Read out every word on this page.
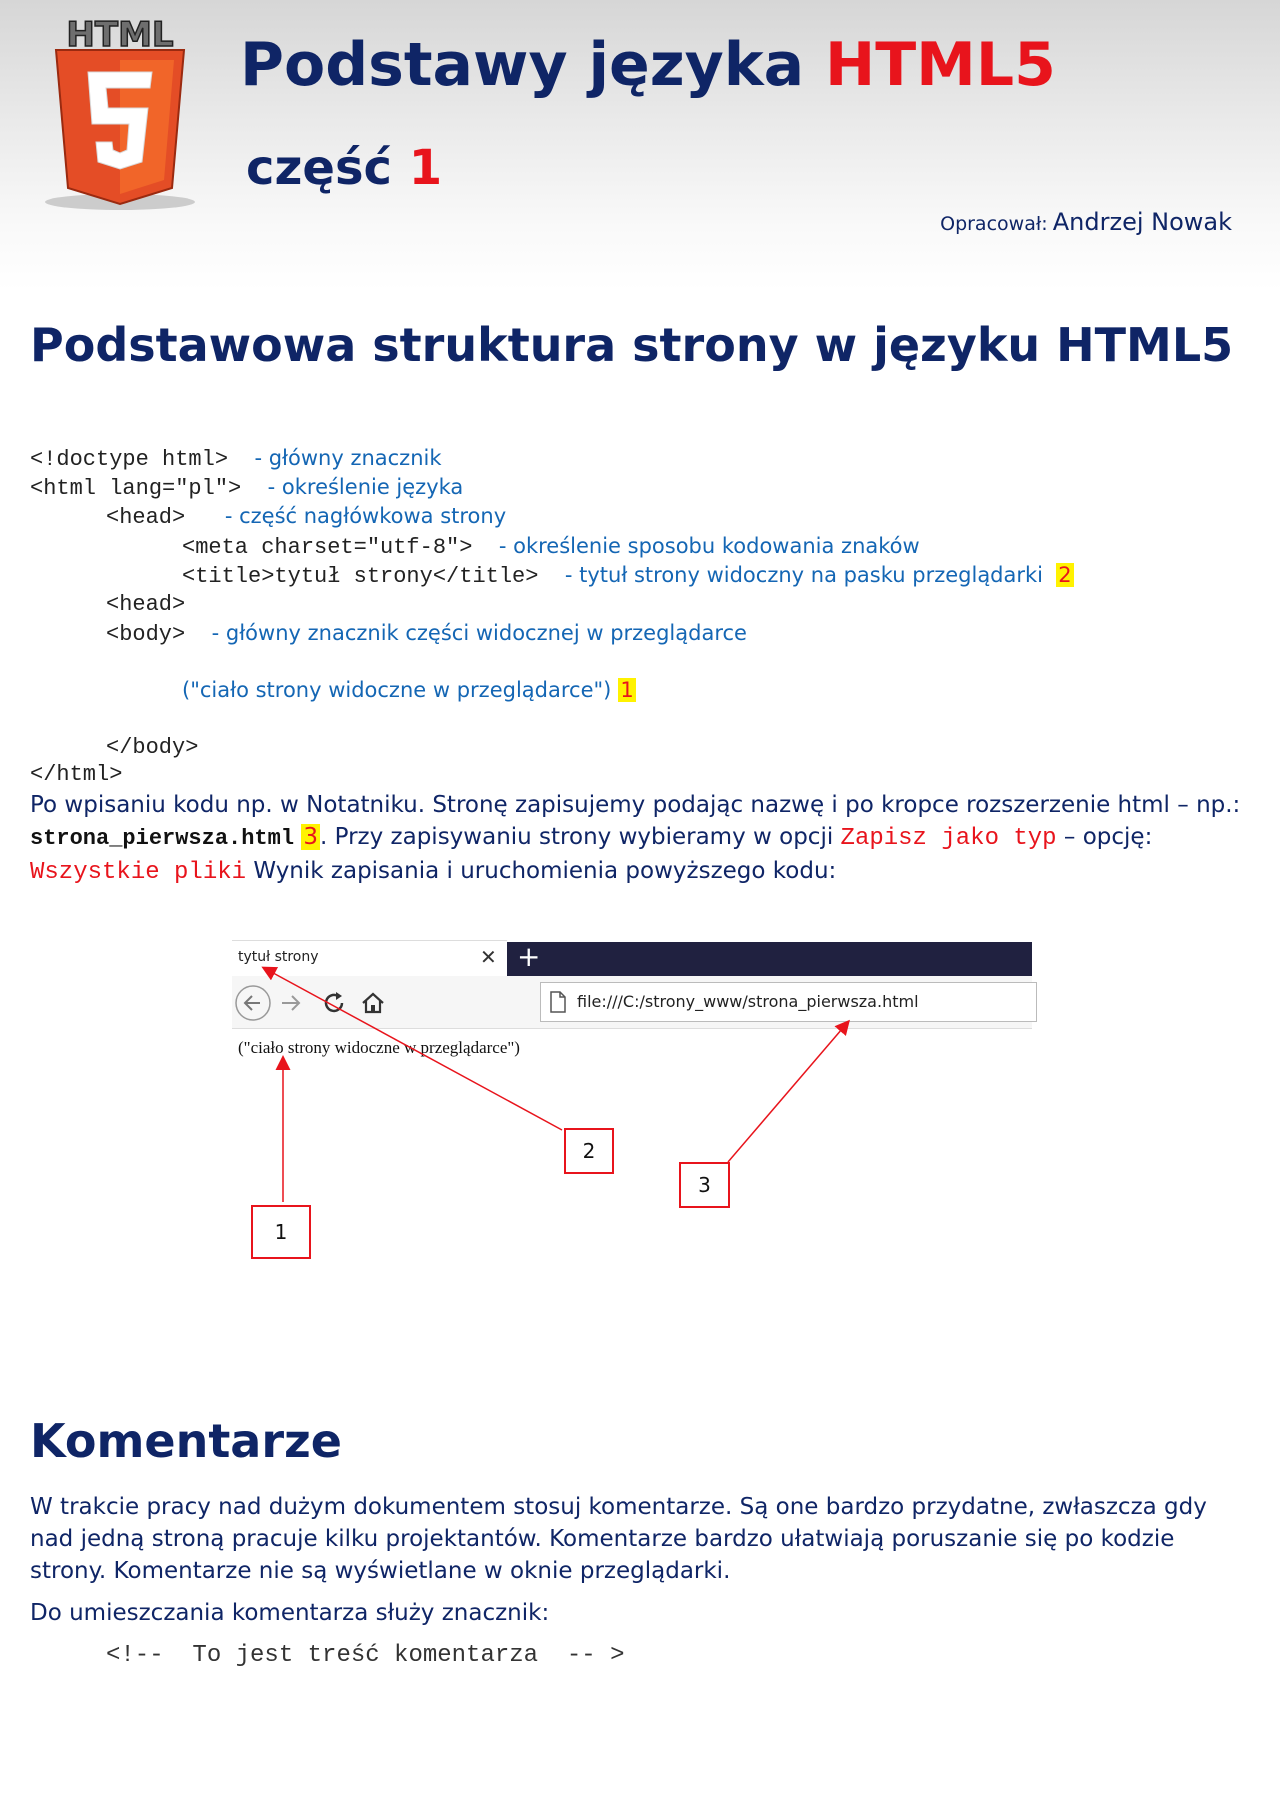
HTML Podstawy języka HTML5
część 1
Opracował: Andrzej Nowak
Podstawowa struktura strony w języku HTML5
<!doctype html> - główny znacznik
<html lang="pl"> - określenie języka
<head> - część nagłówkowa strony
<meta charset="utf-8"> - określenie sposobu kodowania znaków
<title>tytuł strony</title> - tytuł strony widoczny na pasku przeglądarki 2
<head>
<body> - główny znacznik części widocznej w przeglądarce
("ciało strony widoczne w przeglądarce") 1
</body>
</html>
Po wpisaniu kodu np. w Notatniku. Stronę zapisujemy podając nazwę i po kropce rozszerzenie html – np.:
strona_pierwsza.html 3. Przy zapisywaniu strony wybieramy w opcji Zapisz jako typ – opcję:
Wszystkie pliki Wynik zapisania i uruchomienia powyższego kodu:
tytuł strony	✕ +
file:///C:/strony_www/strona_pierwsza.html
("ciało strony widoczne w przeglądarce")
1
2
3
Komentarze
W trakcie pracy nad dużym dokumentem stosuj komentarze. Są one bardzo przydatne, zwłaszcza gdy nad jedną stroną pracuje kilku projektantów. Komentarze bardzo ułatwiają poruszanie się po kodzie strony. Komentarze nie są wyświetlane w oknie przeglądarki.
Do umieszczania komentarza służy znacznik:
<!--  To jest treść komentarza  -- >
